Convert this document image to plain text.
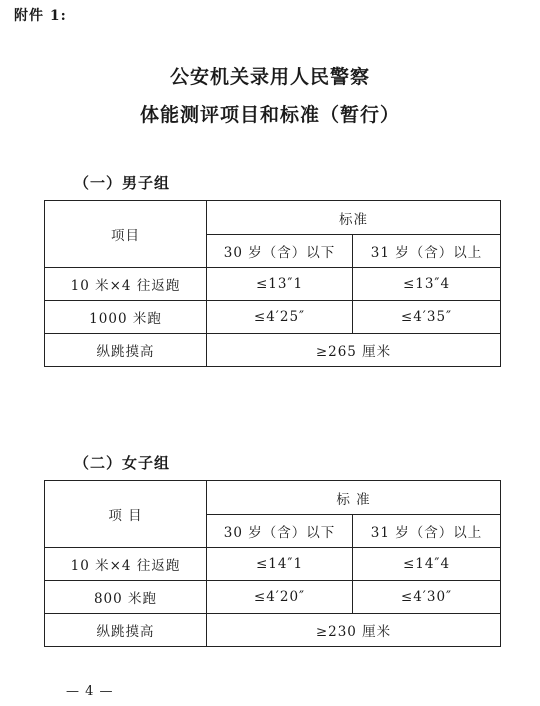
附件 1:
公安机关录用人民警察
体能测评项目和标准（暂行）
（一）男子组
项目	标准	
	30 岁（含）以下	31 岁（含）以上
10 米×4 往返跑	≤13″1	≤13″4
1000 米跑	≤4′25″	≤4′35″
纵跳摸高	≥265 厘米	
（二）女子组
项 目	标 准	
	30 岁（含）以下	31 岁（含）以上
10 米×4 往返跑	≤14″1	≤14″4
800 米跑	≤4′20″	≤4′30″
纵跳摸高	≥230 厘米	
— 4 —
